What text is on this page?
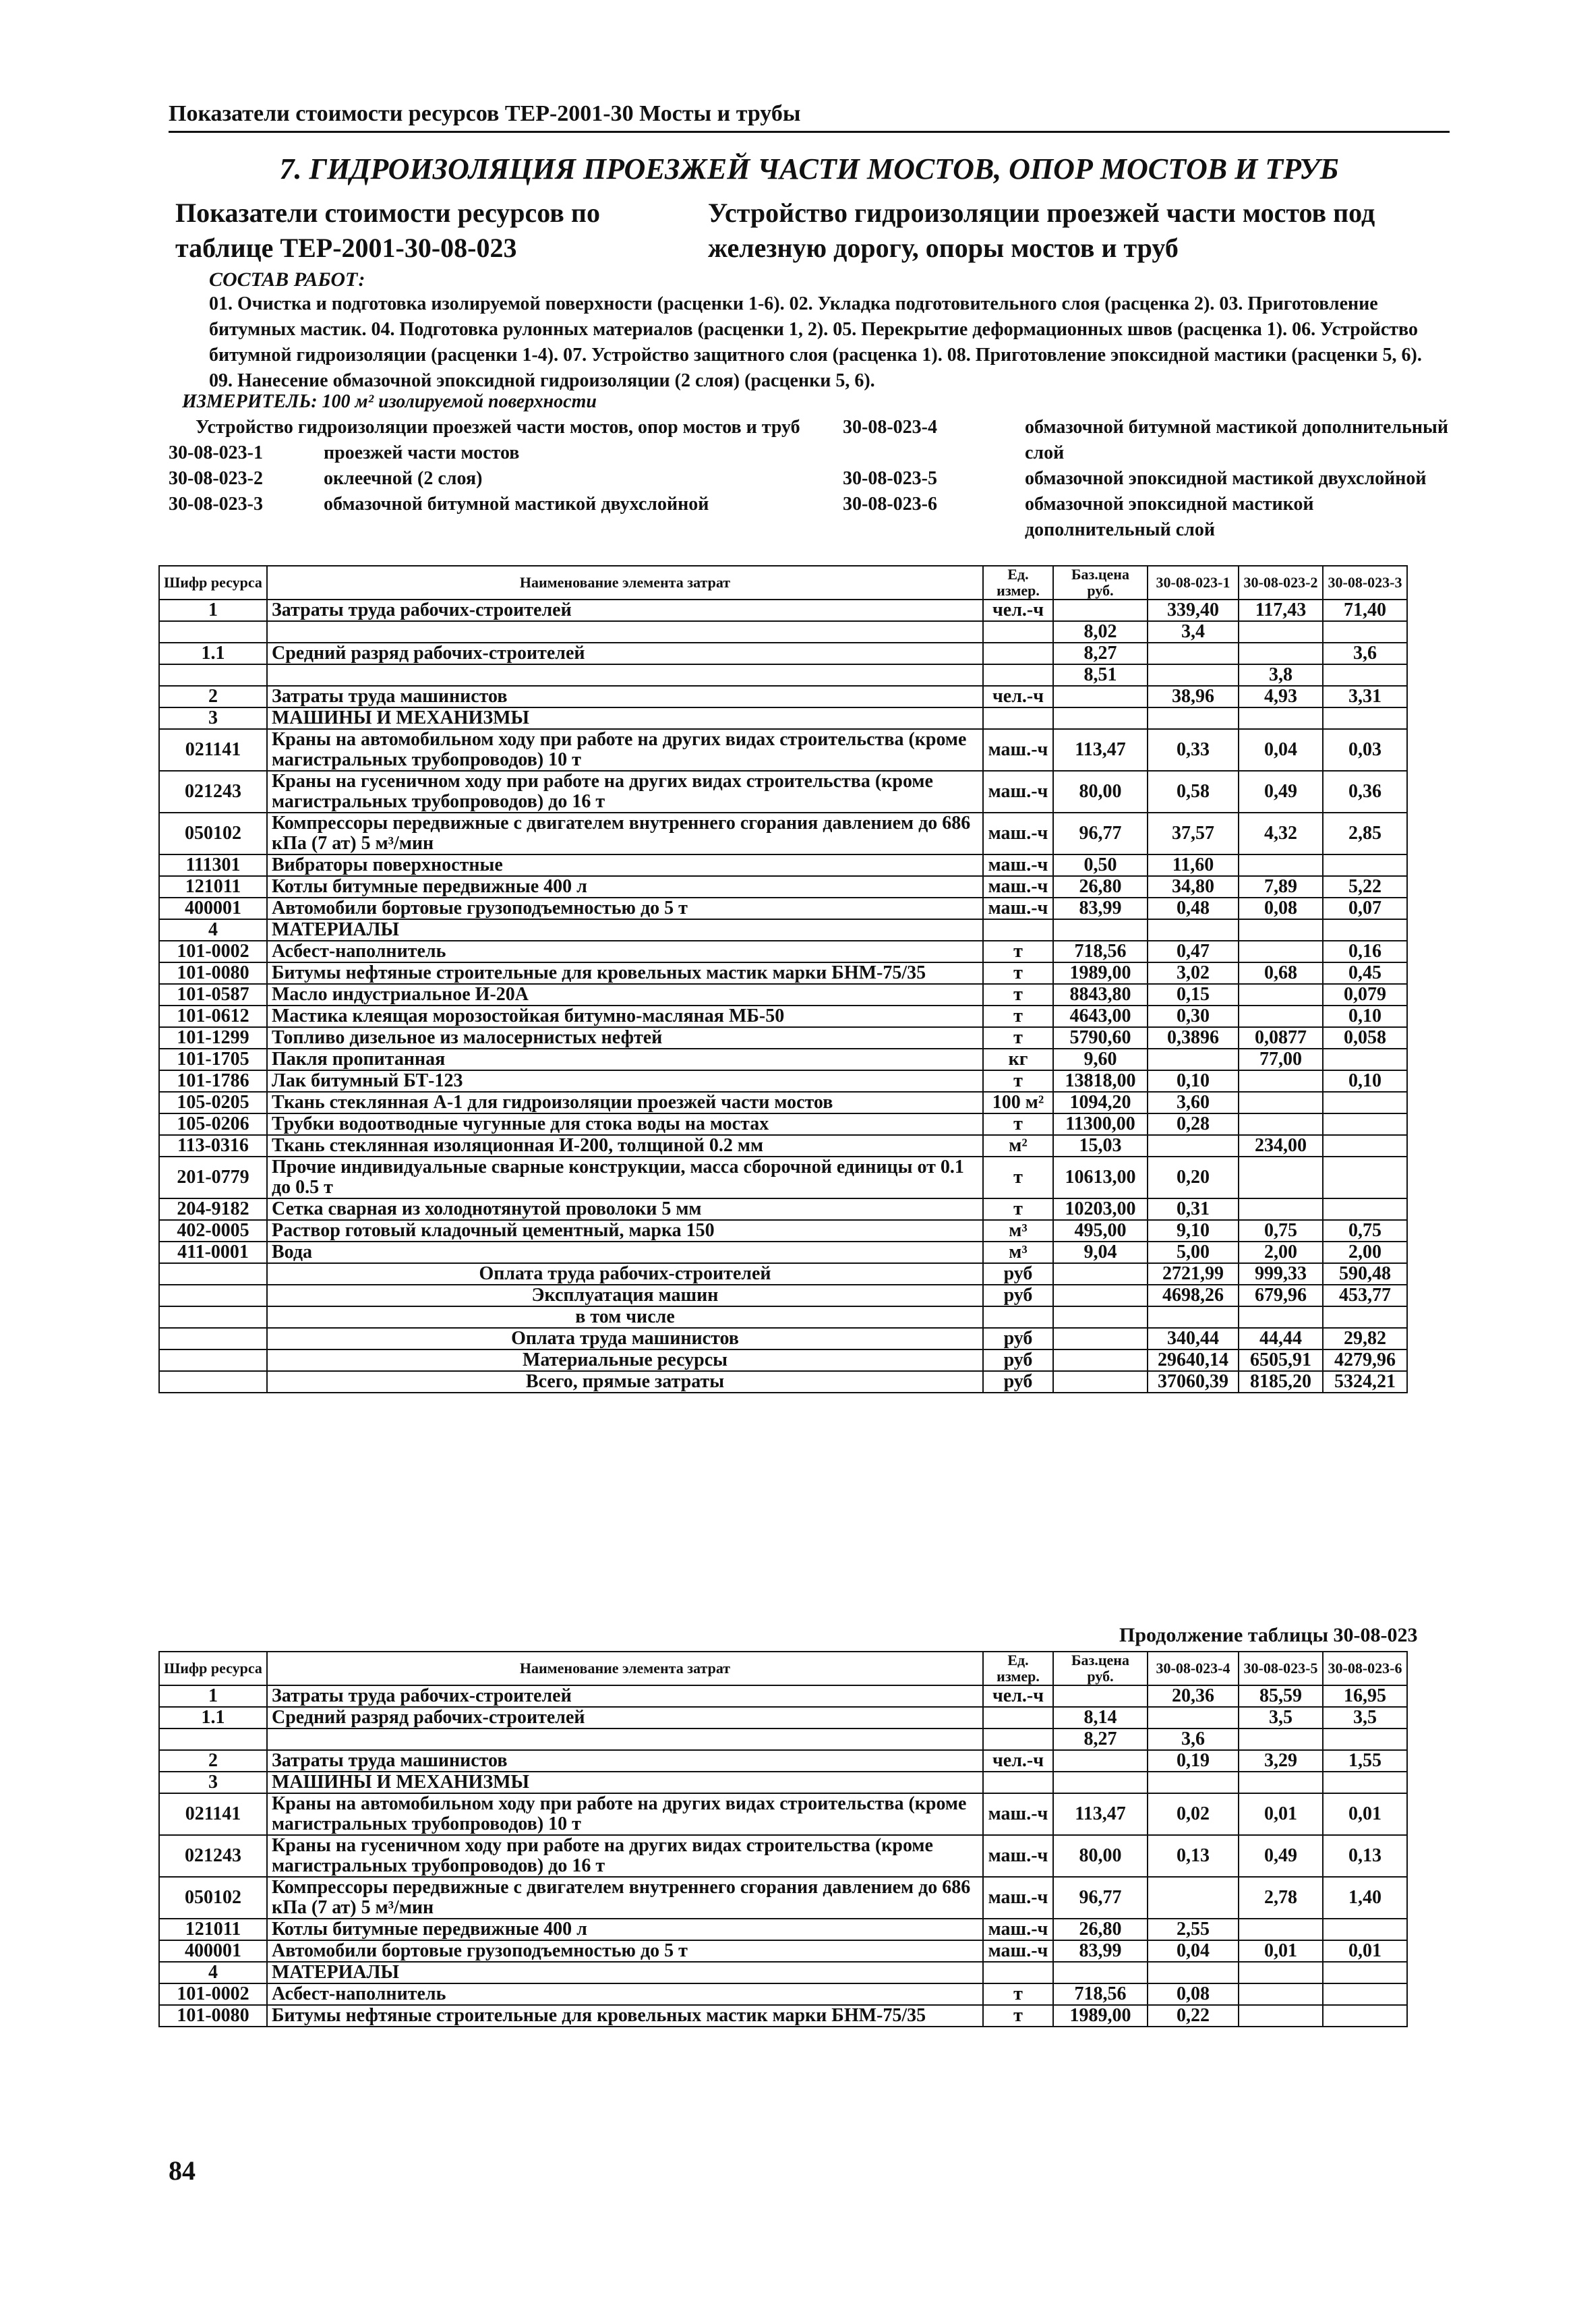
Показатели стоимости ресурсов ТЕР-2001-30 Мосты и трубы
7. ГИДРОИЗОЛЯЦИЯ ПРОЕЗЖЕЙ ЧАСТИ МОСТОВ, ОПОР МОСТОВ И ТРУБ
Показатели стоимости ресурсов по таблице ТЕР-2001-30-08-023
Устройство гидроизоляции проезжей части мостов под железную дорогу, опоры мостов и труб
СОСТАВ РАБОТ:
01. Очистка и подготовка изолируемой поверхности (расценки 1-6). 02. Укладка подготовительного слоя (расценка 2). 03. Приготовление битумных мастик. 04. Подготовка рулонных материалов (расценки 1, 2). 05. Перекрытие деформационных швов (расценка 1). 06. Устройство битумной гидроизоляции (расценки 1-4). 07. Устройство защитного слоя (расценка 1). 08. Приготовление эпоксидной мастики (расценки 5, 6). 09. Нанесение обмазочной эпоксидной гидроизоляции (2 слоя) (расценки 5, 6).
ИЗМЕРИТЕЛЬ: 100 м² изолируемой поверхности
Устройство гидроизоляции проезжей части мостов, опор мостов и труб
30-08-023-1	проезжей части мостов
30-08-023-2	оклеечной (2 слоя)
30-08-023-3	обмазочной битумной мастикой двухслойной
30-08-023-4	обмазочной битумной мастикой дополнительный слой
30-08-023-5	обмазочной эпоксидной мастикой двухслойной
30-08-023-6	обмазочной эпоксидной мастикой дополнительный слой
Шифр ресурса	Наименование элемента затрат	Ед. измер.	Баз.цена руб.	30-08-023-1	30-08-023-2	30-08-023-3
1	Затраты труда рабочих-строителей	чел.-ч		339,40	117,43	71,40
			8,02	3,4		
1.1	Средний разряд рабочих-строителей		8,27			3,6
			8,51		3,8	
2	Затраты труда машинистов	чел.-ч		38,96	4,93	3,31
3	МАШИНЫ И МЕХАНИЗМЫ					
021141	Краны на автомобильном ходу при работе на других видах строительства (кроме магистральных трубопроводов) 10 т	маш.-ч	113,47	0,33	0,04	0,03
021243	Краны на гусеничном ходу при работе на других видах строительства (кроме магистральных трубопроводов) до 16 т	маш.-ч	80,00	0,58	0,49	0,36
050102	Компрессоры передвижные с двигателем внутреннего сгорания давлением до 686 кПа (7 ат) 5 м³/мин	маш.-ч	96,77	37,57	4,32	2,85
111301	Вибраторы поверхностные	маш.-ч	0,50	11,60		
121011	Котлы битумные передвижные 400 л	маш.-ч	26,80	34,80	7,89	5,22
400001	Автомобили бортовые грузоподъемностью до 5 т	маш.-ч	83,99	0,48	0,08	0,07
4	МАТЕРИАЛЫ					
101-0002	Асбест-наполнитель	т	718,56	0,47		0,16
101-0080	Битумы нефтяные строительные для кровельных мастик марки БНМ-75/35	т	1989,00	3,02	0,68	0,45
101-0587	Масло индустриальное И-20А	т	8843,80	0,15		0,079
101-0612	Мастика клеящая морозостойкая битумно-масляная МБ-50	т	4643,00	0,30		0,10
101-1299	Топливо дизельное из малосернистых нефтей	т	5790,60	0,3896	0,0877	0,058
101-1705	Пакля пропитанная	кг	9,60		77,00	
101-1786	Лак битумный БТ-123	т	13818,00	0,10		0,10
105-0205	Ткань стеклянная А-1 для гидроизоляции проезжей части мостов	100 м²	1094,20	3,60		
105-0206	Трубки водоотводные чугунные для стока воды на мостах	т	11300,00	0,28		
113-0316	Ткань стеклянная изоляционная И-200, толщиной 0.2 мм	м²	15,03		234,00	
201-0779	Прочие индивидуальные сварные конструкции, масса сборочной единицы от 0.1 до 0.5 т	т	10613,00	0,20		
204-9182	Сетка сварная из холоднотянутой проволоки 5 мм	т	10203,00	0,31		
402-0005	Раствор готовый кладочный цементный, марка 150	м³	495,00	9,10	0,75	0,75
411-0001	Вода	м³	9,04	5,00	2,00	2,00
	Оплата труда рабочих-строителей	руб		2721,99	999,33	590,48
	Эксплуатация машин	руб		4698,26	679,96	453,77
	в том числе					
	Оплата труда машинистов	руб		340,44	44,44	29,82
	Материальные ресурсы	руб		29640,14	6505,91	4279,96
	Всего, прямые затраты	руб		37060,39	8185,20	5324,21
Продолжение таблицы 30-08-023
Шифр ресурса	Наименование элемента затрат	Ед. измер.	Баз.цена руб.	30-08-023-4	30-08-023-5	30-08-023-6
1	Затраты труда рабочих-строителей	чел.-ч		20,36	85,59	16,95
1.1	Средний разряд рабочих-строителей		8,14		3,5	3,5
			8,27	3,6		
2	Затраты труда машинистов	чел.-ч		0,19	3,29	1,55
3	МАШИНЫ И МЕХАНИЗМЫ					
021141	Краны на автомобильном ходу при работе на других видах строительства (кроме магистральных трубопроводов) 10 т	маш.-ч	113,47	0,02	0,01	0,01
021243	Краны на гусеничном ходу при работе на других видах строительства (кроме магистральных трубопроводов) до 16 т	маш.-ч	80,00	0,13	0,49	0,13
050102	Компрессоры передвижные с двигателем внутреннего сгорания давлением до 686 кПа (7 ат) 5 м³/мин	маш.-ч	96,77		2,78	1,40
121011	Котлы битумные передвижные 400 л	маш.-ч	26,80	2,55		
400001	Автомобили бортовые грузоподъемностью до 5 т	маш.-ч	83,99	0,04	0,01	0,01
4	МАТЕРИАЛЫ					
101-0002	Асбест-наполнитель	т	718,56	0,08		
101-0080	Битумы нефтяные строительные для кровельных мастик марки БНМ-75/35	т	1989,00	0,22		
84
